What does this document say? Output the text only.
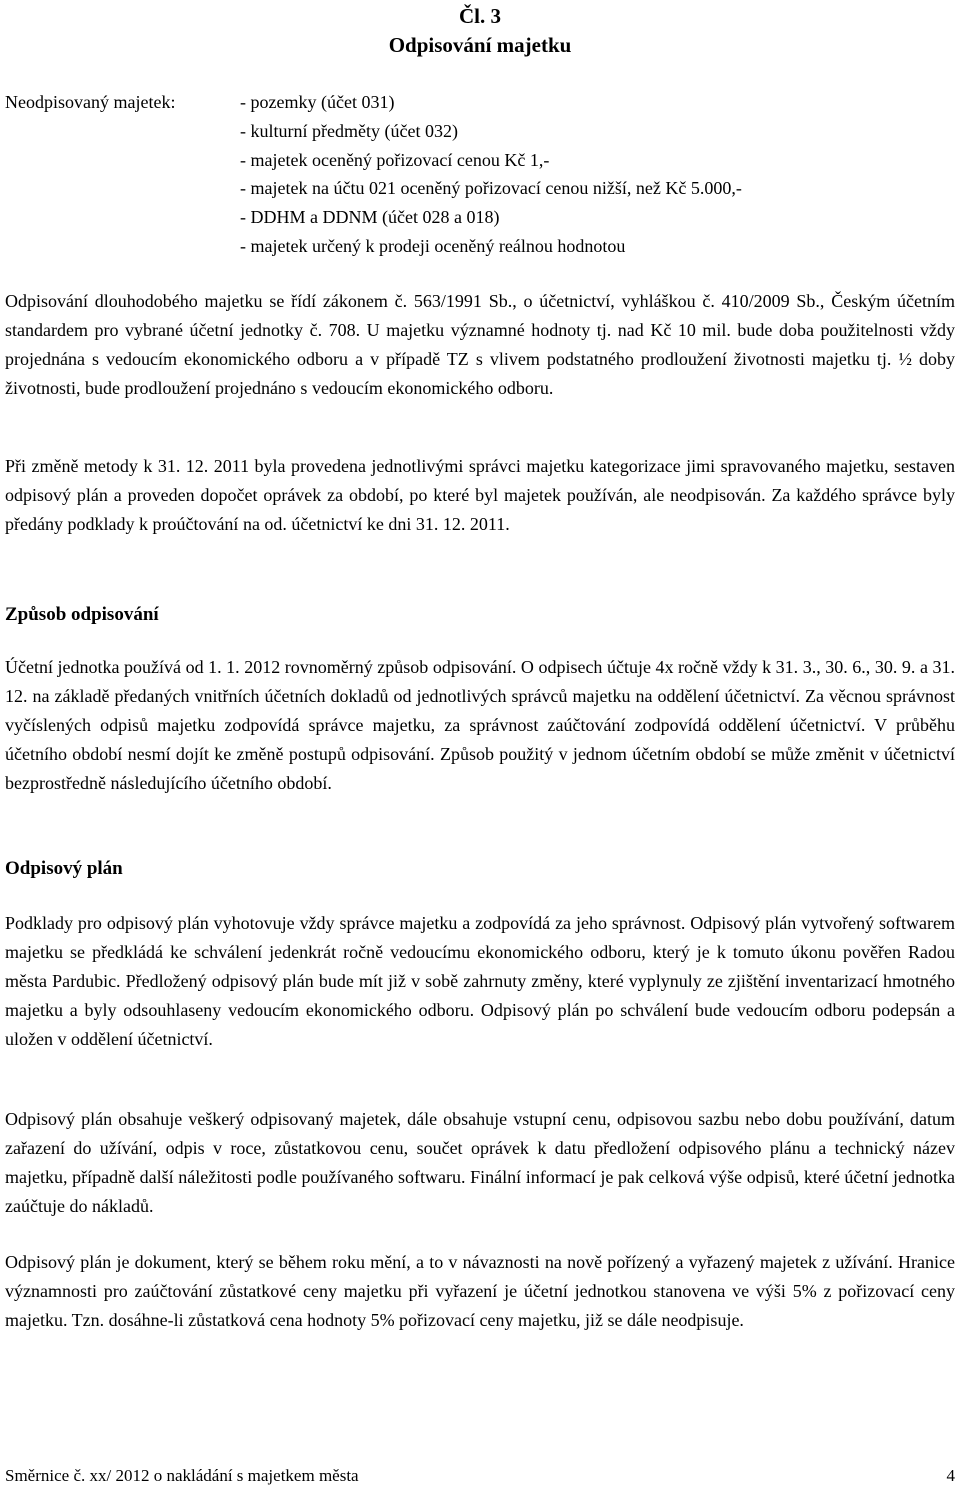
Čl. 3
Odpisování majetku
Neodpisovaný majetek:	- pozemky (účet 031)
- kulturní předměty (účet 032)
- majetek oceněný pořizovací cenou Kč 1,-
- majetek na účtu 021 oceněný pořizovací cenou nižší, než Kč 5.000,-
- DDHM a DDNM (účet 028 a 018)
- majetek určený k prodeji oceněný reálnou hodnotou

Odpisování dlouhodobého majetku se řídí zákonem č. 563/1991 Sb., o účetnictví, vyhláškou č. 410/2009 Sb., Českým účetním standardem pro vybrané účetní jednotky č. 708. U majetku významné hodnoty tj. nad Kč 10 mil. bude doba použitelnosti vždy projednána s vedoucím ekonomického odboru a v případě TZ s vlivem podstatného prodloužení životnosti majetku tj. ½ doby životnosti, bude prodloužení projednáno s vedoucím ekonomického odboru.

Při změně metody k 31. 12. 2011 byla provedena jednotlivými správci majetku kategorizace jimi spravovaného majetku, sestaven odpisový plán a proveden dopočet oprávek za období, po které byl majetek používán, ale neodpisován. Za každého správce byly předány podklady k proúčtování na od. účetnictví ke dni 31. 12. 2011.

Způsob odpisování

Účetní jednotka používá od 1. 1. 2012 rovnoměrný způsob odpisování. O odpisech účtuje 4x ročně vždy k 31. 3., 30. 6., 30. 9. a 31. 12. na základě předaných vnitřních účetních dokladů od jednotlivých správců majetku na oddělení účetnictví. Za věcnou správnost vyčíslených odpisů majetku zodpovídá správce majetku, za správnost zaúčtování zodpovídá oddělení účetnictví. V průběhu účetního období nesmí dojít ke změně postupů odpisování. Způsob použitý v jednom účetním období se může změnit v účetnictví bezprostředně následujícího účetního období.

Odpisový plán

Podklady pro odpisový plán vyhotovuje vždy správce majetku a zodpovídá za jeho správnost. Odpisový plán vytvořený softwarem majetku se předkládá ke schválení jedenkrát ročně vedoucímu ekonomického odboru, který je k tomuto úkonu pověřen Radou města Pardubic. Předložený odpisový plán bude mít již v sobě zahrnuty změny, které vyplynuly ze zjištění inventarizací hmotného majetku a byly odsouhlaseny vedoucím ekonomického odboru. Odpisový plán po schválení bude vedoucím odboru podepsán a uložen v oddělení účetnictví.

Odpisový plán obsahuje veškerý odpisovaný majetek, dále obsahuje vstupní cenu, odpisovou sazbu nebo dobu používání, datum zařazení do užívání, odpis v roce, zůstatkovou cenu, součet oprávek k datu předložení odpisového plánu a technický název majetku, případně další náležitosti podle používaného softwaru. Finální informací je pak celková výše odpisů, které účetní jednotka zaúčtuje do nákladů.

Odpisový plán je dokument, který se během roku mění, a to v návaznosti na nově pořízený a vyřazený majetek z užívání. Hranice významnosti pro zaúčtování zůstatkové ceny majetku při vyřazení je účetní jednotkou stanovena ve výši 5% z pořizovací ceny majetku. Tzn. dosáhne-li zůstatková cena hodnoty 5% pořizovací ceny majetku, již se dále neodpisuje.

Směrnice č. xx/ 2012 o nakládání s majetkem města	4
